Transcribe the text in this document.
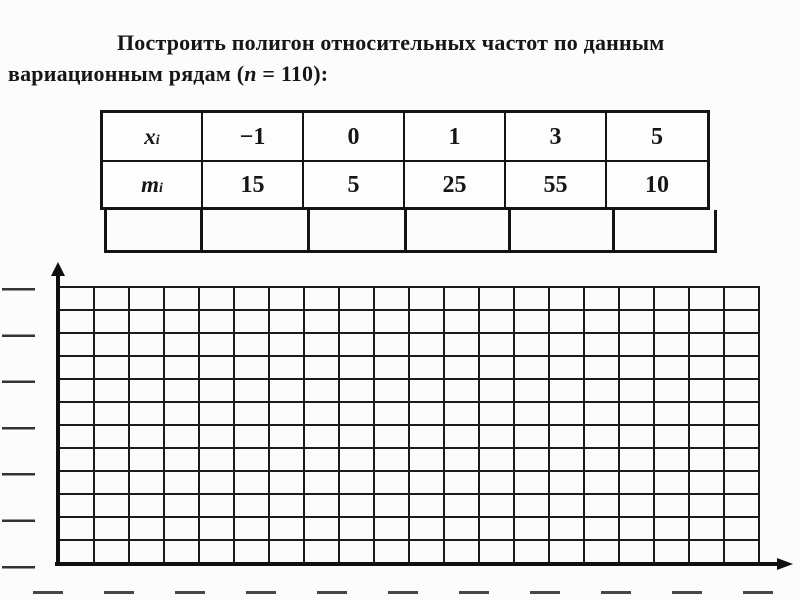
Построить полигон относительных частот по данным
вариационным рядам (n = 110):
x i	−1	0	1	3	5
m i	15	5	25	55	10
